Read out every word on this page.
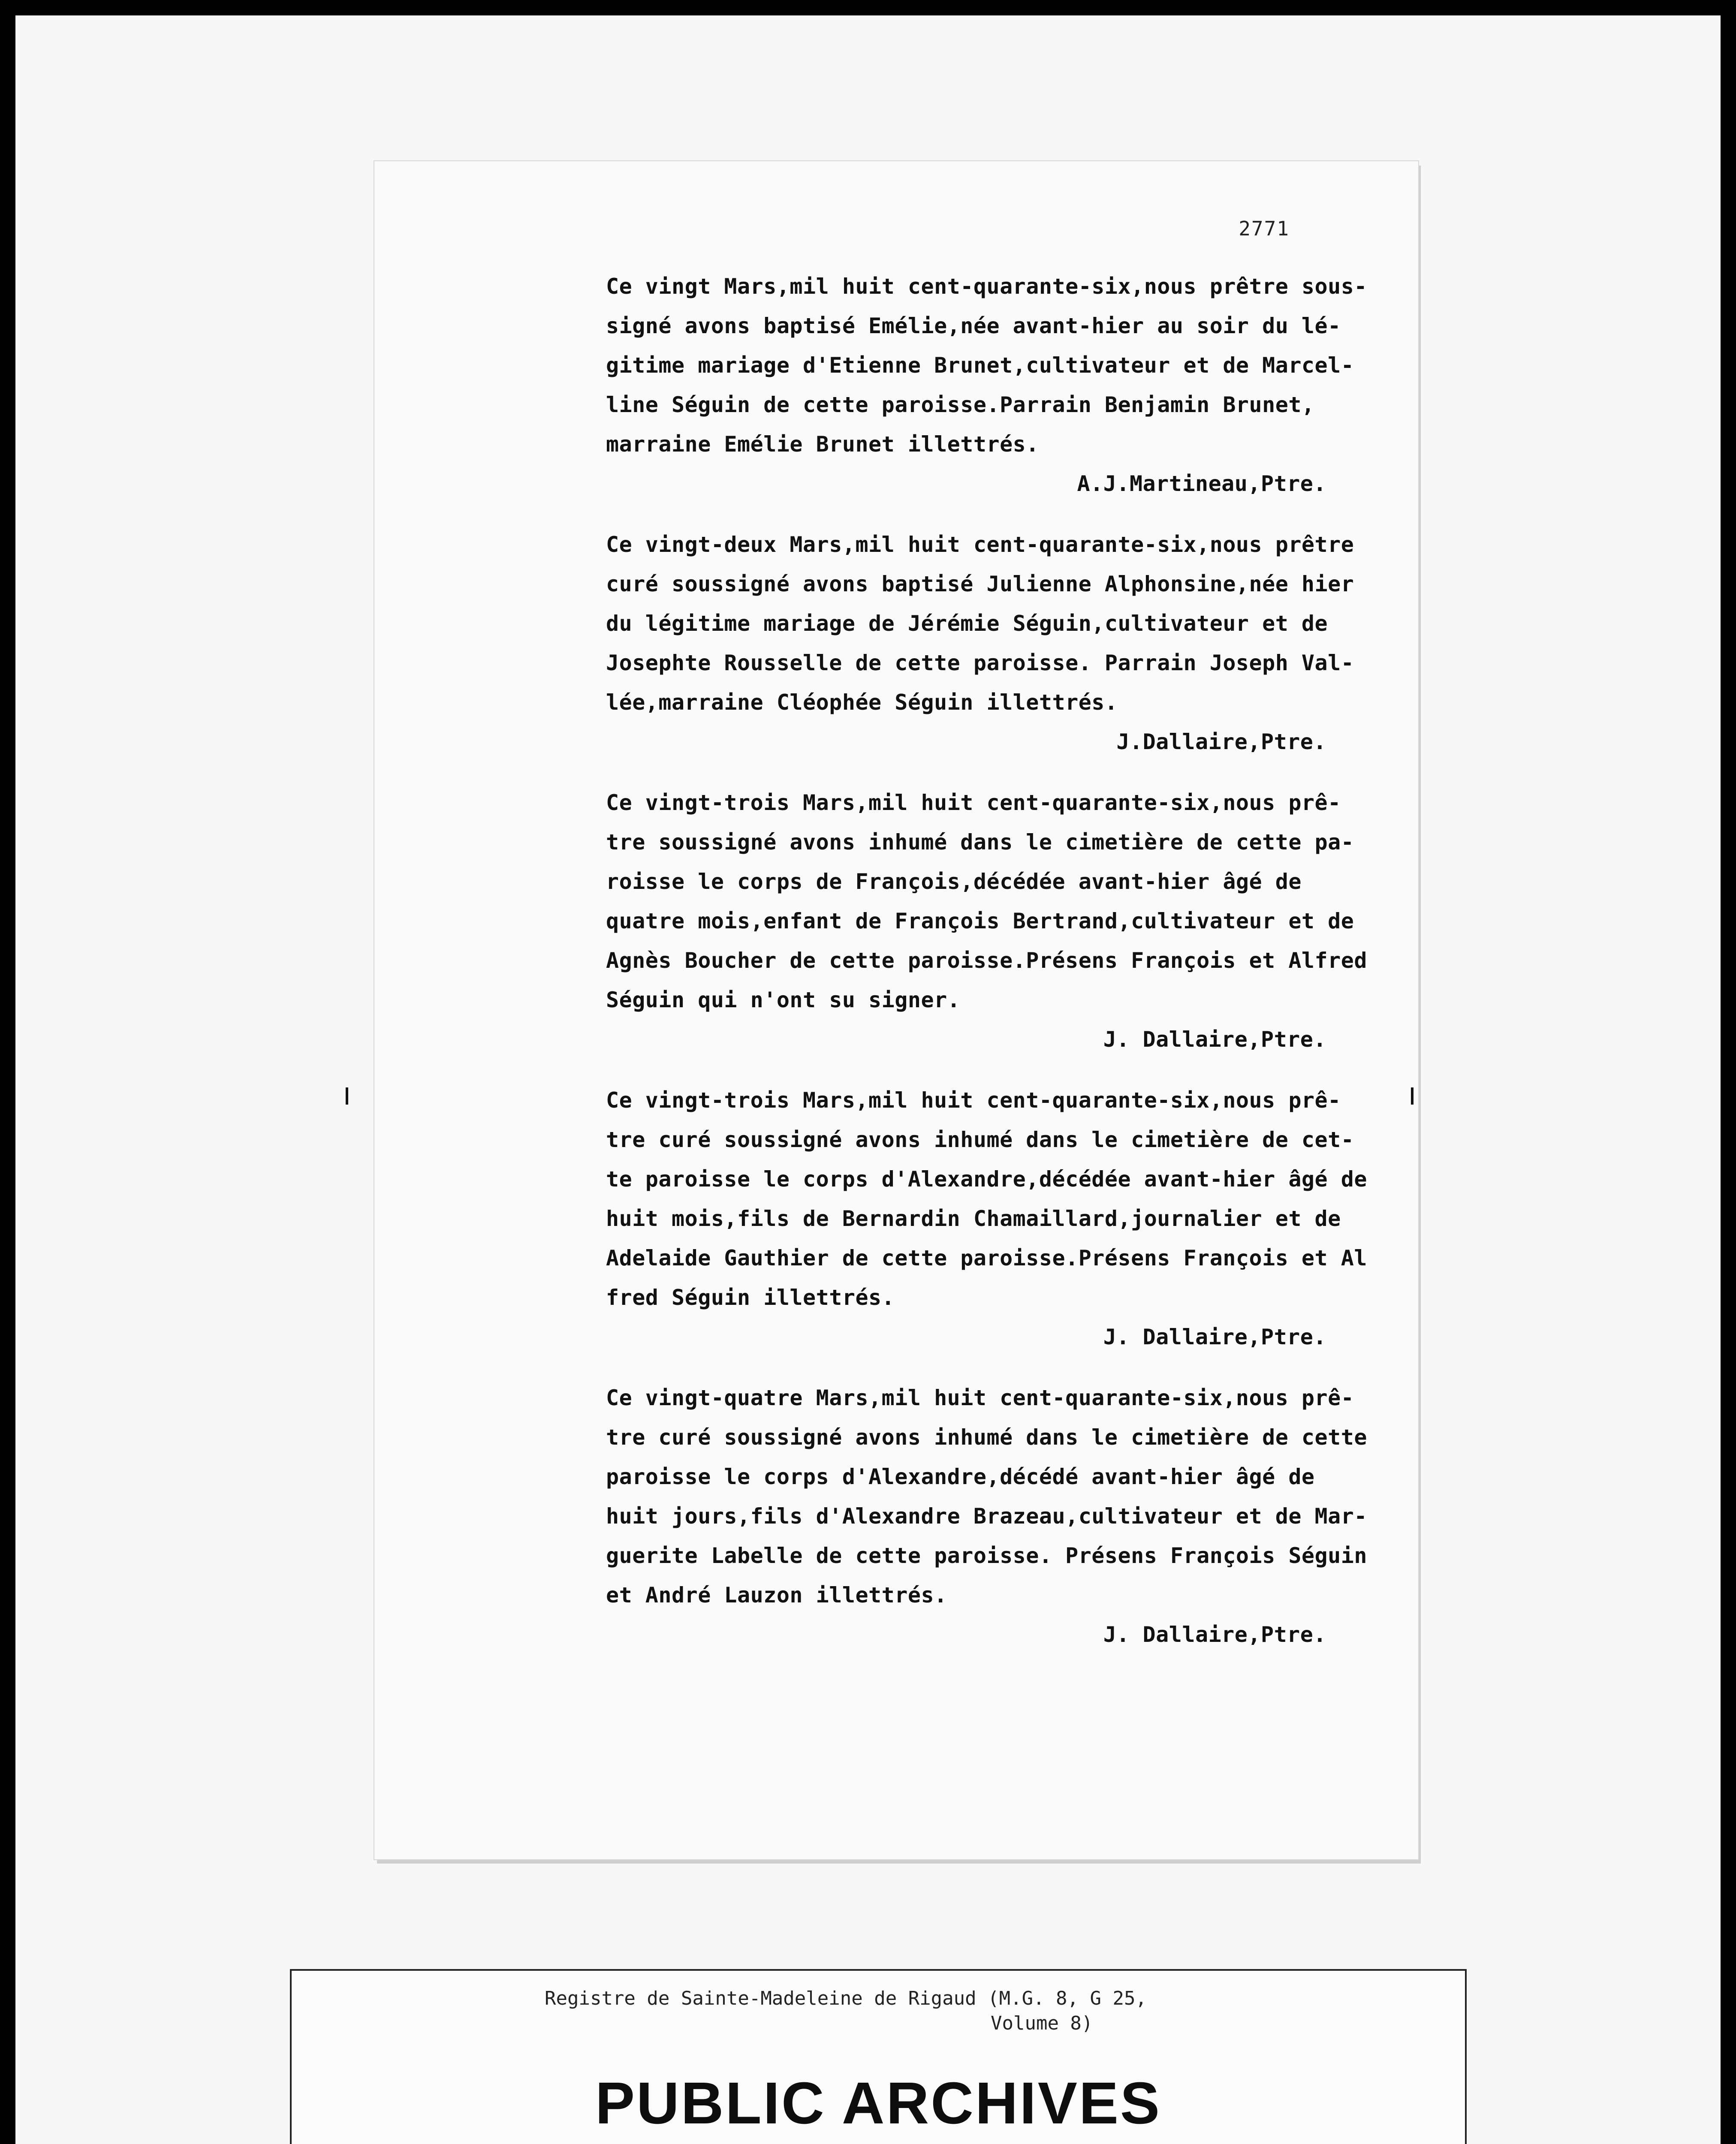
2771
Ce vingt Mars,mil huit cent-quarante-six,nous prêtre sous-
signé avons baptisé Emélie,née avant-hier au soir du lé-
gitime mariage d'Etienne Brunet,cultivateur et de Marcel-
line Séguin de cette paroisse.Parrain Benjamin Brunet,
marraine Emélie Brunet illettrés.
A.J.Martineau,Ptre.
Ce vingt-deux Mars,mil huit cent-quarante-six,nous prêtre
curé soussigné avons baptisé Julienne Alphonsine,née hier
du légitime mariage de Jérémie Séguin,cultivateur et de
Josephte Rousselle de cette paroisse. Parrain Joseph Val-
lée,marraine Cléophée Séguin illettrés.
J.Dallaire,Ptre.
Ce vingt-trois Mars,mil huit cent-quarante-six,nous prê-
tre soussigné avons inhumé dans le cimetière de cette pa-
roisse le corps de François,décédée avant-hier âgé de
quatre mois,enfant de François Bertrand,cultivateur et de
Agnès Boucher de cette paroisse.Présens François et Alfred
Séguin qui n'ont su signer.
J. Dallaire,Ptre.
Ce vingt-trois Mars,mil huit cent-quarante-six,nous prê-
tre curé soussigné avons inhumé dans le cimetière de cet-
te paroisse le corps d'Alexandre,décédée avant-hier âgé de
huit mois,fils de Bernardin Chamaillard,journalier et de
Adelaide Gauthier de cette paroisse.Présens François et Al
fred Séguin illettrés.
J. Dallaire,Ptre.
Ce vingt-quatre Mars,mil huit cent-quarante-six,nous prê-
tre curé soussigné avons inhumé dans le cimetière de cette
paroisse le corps d'Alexandre,décédé avant-hier âgé de
huit jours,fils d'Alexandre Brazeau,cultivateur et de Mar-
guerite Labelle de cette paroisse. Présens François Séguin
et André Lauzon illettrés.
J. Dallaire,Ptre.
Registre de Sainte-Madeleine de Rigaud (M.G. 8, G 25,
Volume 8)
PUBLIC ARCHIVES
